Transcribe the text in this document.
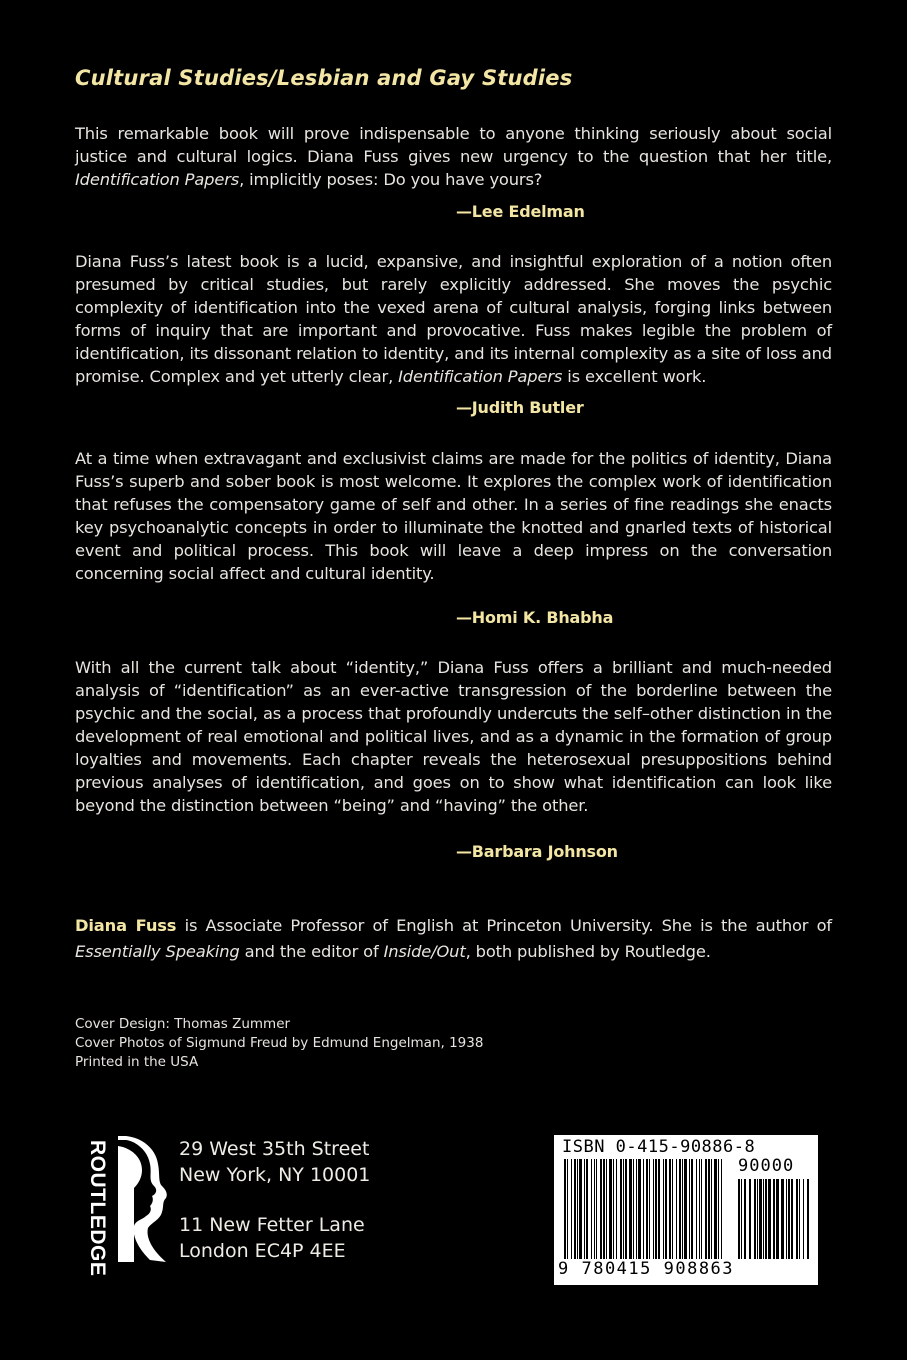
Cultural Studies/Lesbian and Gay Studies
This remarkable book will prove indispensable to anyone thinking seriously about social justice and cultural logics. Diana Fuss gives new urgency to the question that her title, Identification Papers, implicitly poses: Do you have yours?
—Lee Edelman
Diana Fuss’s latest book is a lucid, expansive, and insightful exploration of a notion often presumed by critical studies, but rarely explicitly addressed. She moves the psychic complexity of identification into the vexed arena of cultural analysis, forging links between forms of inquiry that are important and provocative. Fuss makes legible the problem of identification, its dissonant relation to identity, and its internal complexity as a site of loss and promise. Complex and yet utterly clear, Identification Papers is excellent work.
—Judith Butler
At a time when extravagant and exclusivist claims are made for the politics of identity, Diana Fuss’s superb and sober book is most welcome. It explores the complex work of identification that refuses the compensatory game of self and other. In a series of fine readings she enacts key psychoanalytic concepts in order to illuminate the knotted and gnarled texts of historical event and political process. This book will leave a deep impress on the conversation concerning social affect and cultural identity.
—Homi K. Bhabha
With all the current talk about “identity,” Diana Fuss offers a brilliant and much-needed analysis of “identification” as an ever-active transgression of the borderline between the psychic and the social, as a process that profoundly undercuts the self–other distinction in the development of real emotional and political lives, and as a dynamic in the formation of group loyalties and movements. Each chapter reveals the heterosexual presuppositions behind previous analyses of identification, and goes on to show what identification can look like beyond the distinction between “being” and “having” the other.
—Barbara Johnson
Diana Fuss is Associate Professor of English at Princeton University. She is the author of Essentially Speaking and the editor of Inside/Out, both published by Routledge.
Cover Design: Thomas Zummer
Cover Photos of Sigmund Freud by Edmund Engelman, 1938
Printed in the USA
ROUTLEDGE	29 West 35th Street
New York, NY 10001
11 New Fetter Lane
London EC4P 4EE
ISBN 0-415-90886-8
90000
9 780415 908863
